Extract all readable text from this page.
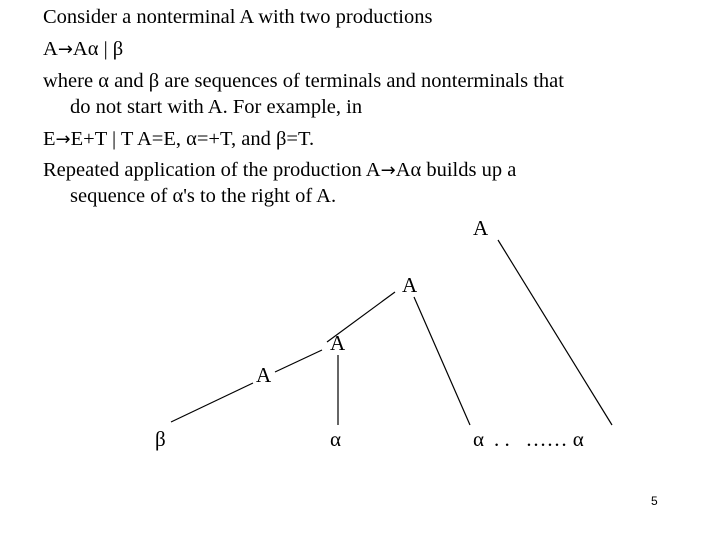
Consider a nonterminal A with two productions
A→Aα | β
where α and β are sequences of terminals and nonterminals that
do not start with A. For example, in
E→E+T | T A=E, α=+T, and β=T.
Repeated application of the production A→Aα builds up a
sequence of α's to the right of A.
A
A
A
A
β	α	α . .   …… α
5
